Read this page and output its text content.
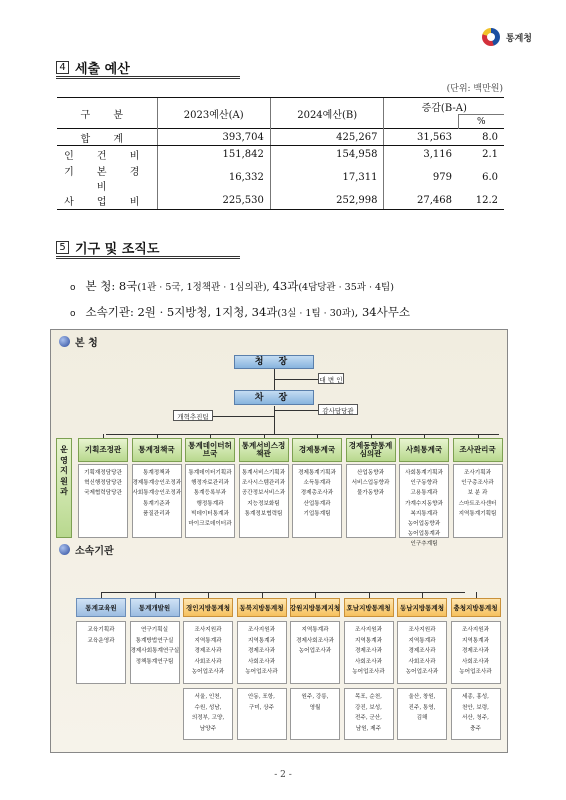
통계청
4 세출 예산
(단위: 백만원)
구 분	2023예산(A)	2024예산(B)	증감(B-A)	
				%
합 계	393,704	425,267	31,563	8.0
인 건 비	151,842	154,958	3,116	2.1
기 본 경 비	16,332	17,311	979	6.0
사 업 비	225,530	252,998	27,468	12.2
5 기구 및 조직도
o 본 청: 8국(1관 · 5국, 1정책관 · 1심의관), 43과(4담당관 · 35과 · 4팀)
o 소속기관: 2원 · 5지방청, 1지청, 34과(3실 · 1팀 · 30과), 34사무소
본 청
청 장
대 변 인
차 장
감사담당관
개혁추진팀
운
영
지
원
과
기획조정관
기획재정담당관
혁신행정담당관
국제협력담당관
통계정책국
통계정책과
경제통계승인조정과
사회통계승인조정과
통계기준과
품질관리과
통계데이터허브국
통계데이터기획과
행정자료관리과
통계등록부과
행정통계과
빅데이터통계과
마이크로데이터과
통계서비스정책관
통계서비스기획과
조사시스템관리과
공간정보서비스과
지능정보화팀
통계정보협력팀
경제통계국
경제통계기획과
소득통계과
경제총조사과
산업통계과
기업통계팀
경제동향통계심의관
산업동향과
서비스업동향과
물가동향과
사회통계국
사회통계기획과
인구동향과
고용통계과
가계수지동향과
복지통계과
농어업동향과
농어업통계과
인구추계팀
조사관리국
조사기획과
인구총조사과
보 분 과
스마트조사센터
지역통계기획팀
소속기관
통계교육원
교육기획과
교육운영과
통계개발원
연구기획실
통계방법연구실
경제사회통계연구실
정책통계연구팀
경인지방통계청
조사지원과
지역통계과
경제조사과
사회조사과
농어업조사과
서울, 인천,
수원, 성남,
의정부, 고양,
남양주
동북지방통계청
조사지원과
지역통계과
경제조사과
사회조사과
농어업조사과
안동, 포항,
구미, 상주
강원지방통계지청
지역통계과
경제사회조사과
농어업조사과
원주, 강릉,
영월
호남지방통계청
조사지원과
지역통계과
경제조사과
사회조사과
농어업조사과
목포, 순천,
강진, 보성,
전주, 군산,
남원, 제주
동남지방통계청
조사지원과
지역통계과
경제조사과
사회조사과
농어업조사과
울산, 창원,
진주, 통영,
김해
충청지방통계청
조사지원과
지역통계과
경제조사과
사회조사과
농어업조사과
세종, 홍성,
천안, 보령,
서산, 청주,
충주
- 2 -
